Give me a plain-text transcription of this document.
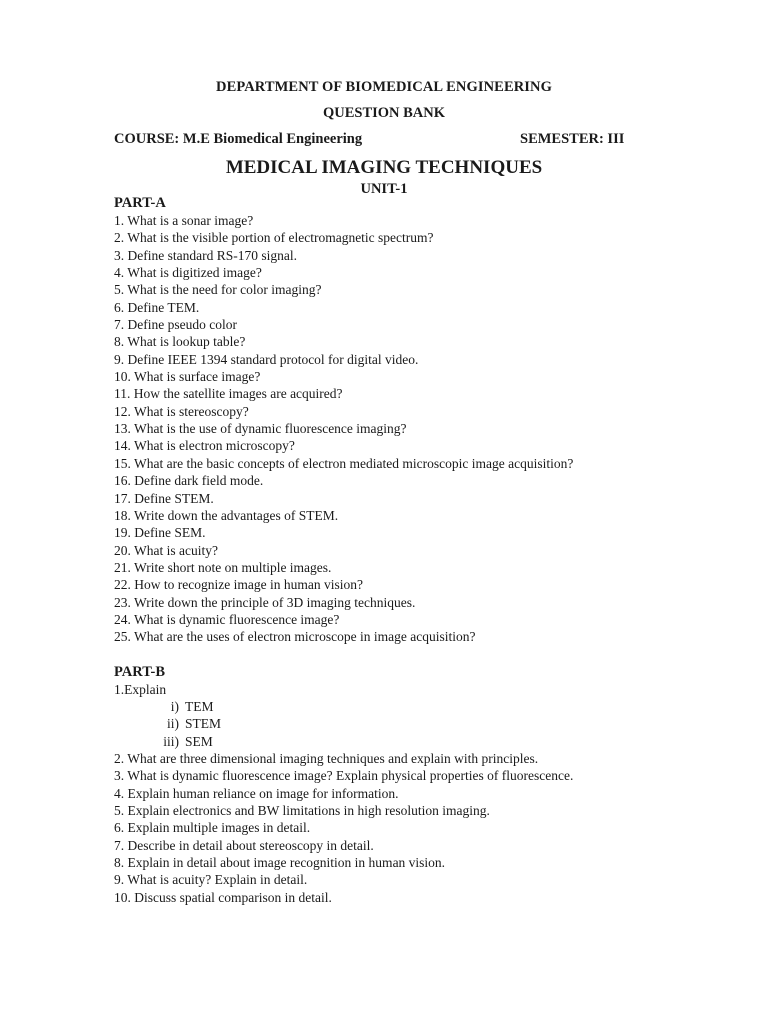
DEPARTMENT OF BIOMEDICAL ENGINEERING
QUESTION BANK
COURSE: M.E Biomedical Engineering	SEMESTER: III
MEDICAL IMAGING TECHNIQUES
UNIT-1
PART-A
1. What is a sonar image?
2. What is the visible portion of electromagnetic spectrum?
3. Define standard RS-170 signal.
4. What is digitized image?
5. What is the need for color imaging?
6. Define TEM.
7. Define pseudo color
8. What is lookup table?
9. Define IEEE 1394 standard protocol for digital video.
10. What is surface image?
11. How the satellite images are acquired?
12. What is stereoscopy?
13. What is the use of dynamic fluorescence imaging?
14. What is electron microscopy?
15. What are the basic concepts of electron mediated microscopic image acquisition?
16. Define dark field mode.
17. Define STEM.
18. Write down the advantages of STEM.
19. Define SEM.
20. What is acuity?
21. Write short note on multiple images.
22. How to recognize image in human vision?
23. Write down the principle of 3D imaging techniques.
24. What is dynamic fluorescence image?
25. What are the uses of electron microscope in image acquisition?
PART-B
1.Explain
i) TEM
ii) STEM
iii) SEM
2. What are three dimensional imaging techniques and explain with principles.
3. What is dynamic fluorescence image? Explain physical properties of fluorescence.
4. Explain human reliance on image for information.
5. Explain electronics and BW limitations in high resolution imaging.
6. Explain multiple images in detail.
7. Describe in detail about stereoscopy in detail.
8. Explain in detail about image recognition in human vision.
9. What is acuity? Explain in detail.
10. Discuss spatial comparison in detail.
